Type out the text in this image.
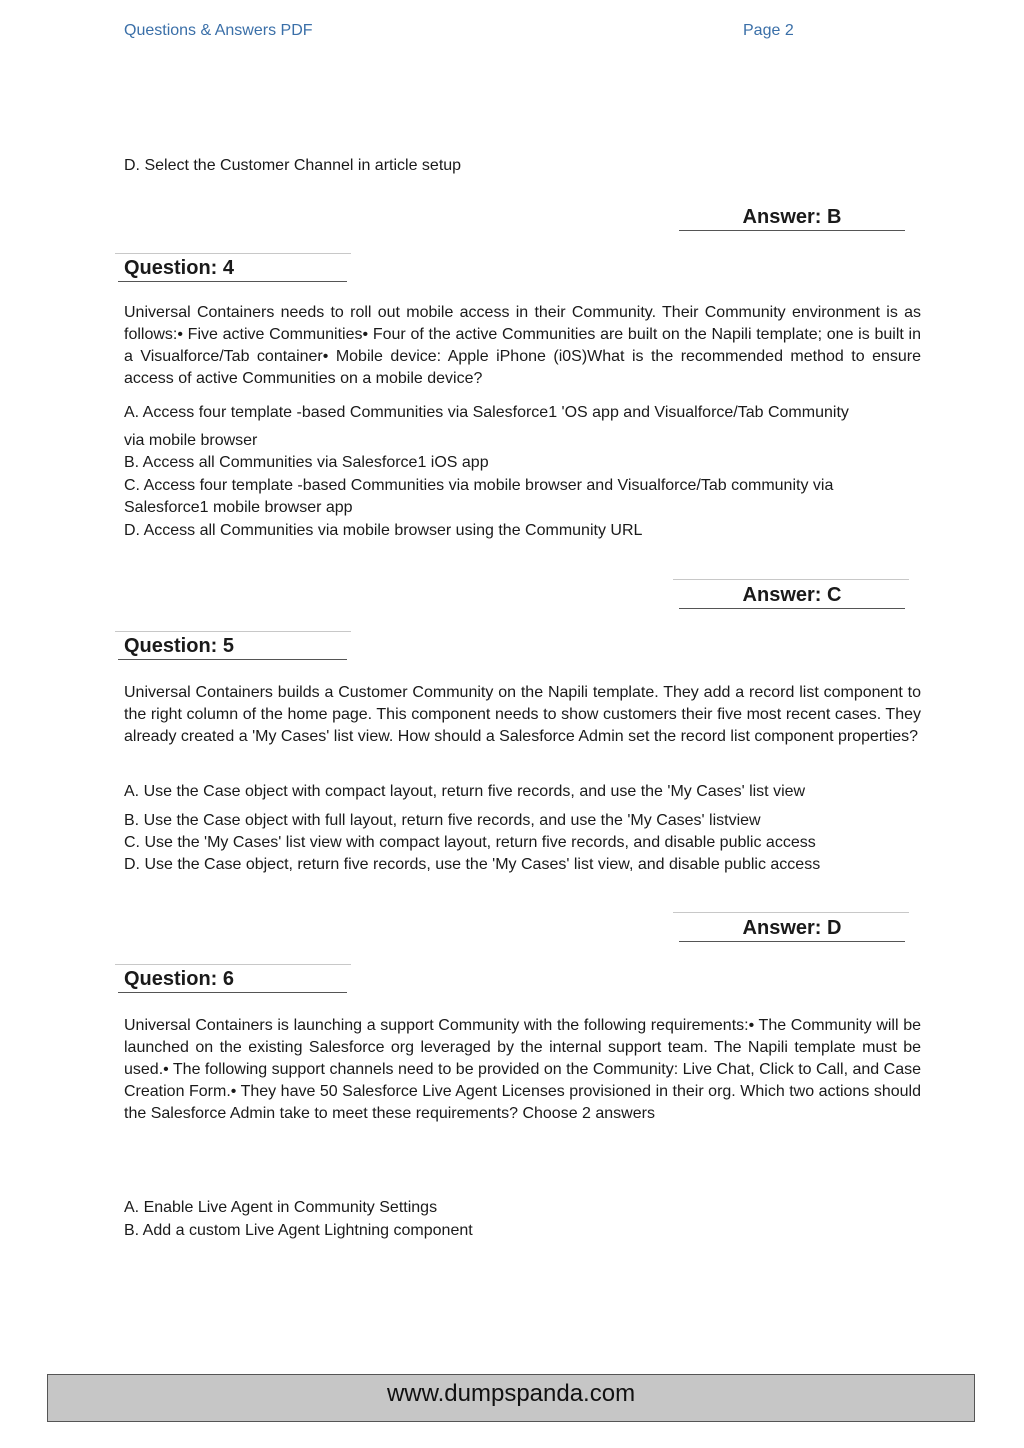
Questions & Answers PDF	Page 2
D. Select the Customer Channel in article setup
Answer: B
Question: 4
Universal Containers needs to roll out mobile access in their Community. Their Community environment is as follows:• Five active Communities• Four of the active Communities are built on the Napili template; one is built in a Visualforce/Tab container• Mobile device: Apple iPhone (i0S)What is the recommended method to ensure access of active Communities on a mobile device?
A. Access four template -based Communities via Salesforce1 'OS app and Visualforce/Tab Community
via mobile browser
B. Access all Communities via Salesforce1 iOS app
C. Access four template -based Communities via mobile browser and Visualforce/Tab community via
Salesforce1 mobile browser app
D. Access all Communities via mobile browser using the Community URL
Answer: C
Question: 5
Universal Containers builds a Customer Community on the Napili template. They add a record list component to the right column of the home page. This component needs to show customers their five most recent cases. They already created a 'My Cases' list view. How should a Salesforce Admin set the record list component properties?
A. Use the Case object with compact layout, return five records, and use the 'My Cases' list view
B. Use the Case object with full layout, return five records, and use the 'My Cases' listview
C. Use the 'My Cases' list view with compact layout, return five records, and disable public access
D. Use the Case object, return five records, use the 'My Cases' list view, and disable public access
Answer: D
Question: 6
Universal Containers is launching a support Community with the following requirements:• The Community will be launched on the existing Salesforce org leveraged by the internal support team. The Napili template must be used.• The following support channels need to be provided on the Community: Live Chat, Click to Call, and Case Creation Form.• They have 50 Salesforce Live Agent Licenses provisioned in their org. Which two actions should the Salesforce Admin take to meet these requirements? Choose 2 answers
A. Enable Live Agent in Community Settings
B. Add a custom Live Agent Lightning component
www.dumpspanda.com
